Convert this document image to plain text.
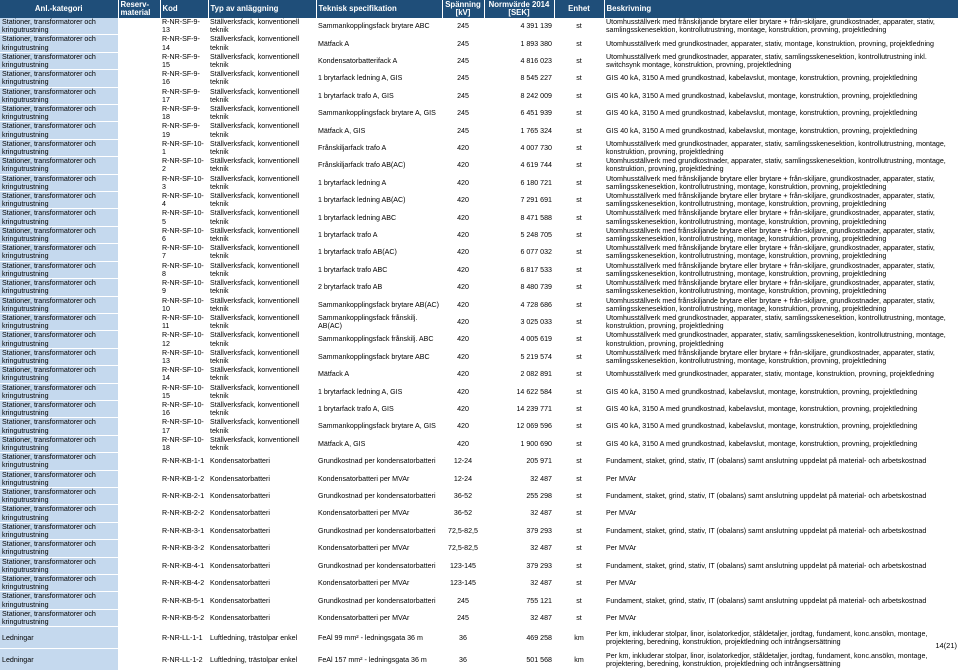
Anl.-kategori	Reserv-material	Kod	Typ av anläggning	Teknisk specifikation	Spänning [kV]	Normvärde 2014 [SEK]	Enhet	Beskrivning
Stationer, transformatorer och kringutrustning		R-NR-SF-9-13	Ställverksfack, konventionell teknik	Sammankopplingsfack brytare ABC	245	4 391 139	st	Utomhusställverk med frånskiljande brytare eller brytare + från-skiljare, grundkostnader, apparater, stativ, samlingsskenesektion, kontrollutrustning, montage, konstruktion, provning, projektledning
Stationer, transformatorer och kringutrustning		R-NR-SF-9-14	Ställverksfack, konventionell teknik	Mätfack A	245	1 893 380	st	Utomhusställverk med grundkostnader, apparater, stativ, montage, konstruktion, provning, projektledning
Stationer, transformatorer och kringutrustning		R-NR-SF-9-15	Ställverksfack, konventionell teknik	Kondensatorbatterifack A	245	4 816 023	st	Utomhusställverk med grundkostnader, apparater, stativ, samlingsskenesektion, kontrollutrustning inkl. switchsynk montage, konstruktion, provning, projektledning
Stationer, transformatorer och kringutrustning		R-NR-SF-9-16	Ställverksfack, konventionell teknik	1 brytarfack ledning A, GIS	245	8 545 227	st	GIS 40 kA, 3150 A med grundkostnad, kabelavslut, montage, konstruktion, provning, projektledning
Stationer, transformatorer och kringutrustning		R-NR-SF-9-17	Ställverksfack, konventionell teknik	1 brytarfack trafo A, GIS	245	8 242 009	st	GIS 40 kA, 3150 A med grundkostnad, kabelavslut, montage, konstruktion, provning, projektledning
Stationer, transformatorer och kringutrustning		R-NR-SF-9-18	Ställverksfack, konventionell teknik	Sammankopplingsfack brytare A, GIS	245	6 451 939	st	GIS 40 kA, 3150 A med grundkostnad, kabelavslut, montage, konstruktion, provning, projektledning
Stationer, transformatorer och kringutrustning		R-NR-SF-9-19	Ställverksfack, konventionell teknik	Mätfack A, GIS	245	1 765 324	st	GIS 40 kA, 3150 A med grundkostnad, kabelavslut, montage, konstruktion, provning, projektledning
Stationer, transformatorer och kringutrustning		R-NR-SF-10-1	Ställverksfack, konventionell teknik	Frånskiljarfack trafo A	420	4 007 730	st	Utomhusställverk med grundkostnader, apparater, stativ, samlingsskenesektion, kontrollutrustning, montage, konstruktion, provning, projektledning
Stationer, transformatorer och kringutrustning		R-NR-SF-10-2	Ställverksfack, konventionell teknik	Frånskiljarfack trafo AB(AC)	420	4 619 744	st	Utomhusställverk med grundkostnader, apparater, stativ, samlingsskenesektion, kontrollutrustning, montage, konstruktion, provning, projektledning
Stationer, transformatorer och kringutrustning		R-NR-SF-10-3	Ställverksfack, konventionell teknik	1 brytarfack ledning A	420	6 180 721	st	Utomhusställverk med frånskiljande brytare eller brytare + från-skiljare, grundkostnader, apparater, stativ, samlingsskenesektion, kontrollutrustning, montage, konstruktion, provning, projektledning
Stationer, transformatorer och kringutrustning		R-NR-SF-10-4	Ställverksfack, konventionell teknik	1 brytarfack ledning AB(AC)	420	7 291 691	st	Utomhusställverk med frånskiljande brytare eller brytare + från-skiljare, grundkostnader, apparater, stativ, samlingsskenesektion, kontrollutrustning, montage, konstruktion, provning, projektledning
Stationer, transformatorer och kringutrustning		R-NR-SF-10-5	Ställverksfack, konventionell teknik	1 brytarfack ledning ABC	420	8 471 588	st	Utomhusställverk med frånskiljande brytare eller brytare + från-skiljare, grundkostnader, apparater, stativ, samlingsskenesektion, kontrollutrustning, montage, konstruktion, provning, projektledning
Stationer, transformatorer och kringutrustning		R-NR-SF-10-6	Ställverksfack, konventionell teknik	1 brytarfack trafo A	420	5 248 705	st	Utomhusställverk med frånskiljande brytare eller brytare + från-skiljare, grundkostnader, apparater, stativ, samlingsskenesektion, kontrollutrustning, montage, konstruktion, provning, projektledning
Stationer, transformatorer och kringutrustning		R-NR-SF-10-7	Ställverksfack, konventionell teknik	1 brytarfack trafo AB(AC)	420	6 077 032	st	Utomhusställverk med frånskiljande brytare eller brytare + från-skiljare, grundkostnader, apparater, stativ, samlingsskenesektion, kontrollutrustning, montage, konstruktion, provning, projektledning
Stationer, transformatorer och kringutrustning		R-NR-SF-10-8	Ställverksfack, konventionell teknik	1 brytarfack trafo ABC	420	6 817 533	st	Utomhusställverk med frånskiljande brytare eller brytare + från-skiljare, grundkostnader, apparater, stativ, samlingsskenesektion, kontrollutrustning, montage, konstruktion, provning, projektledning
Stationer, transformatorer och kringutrustning		R-NR-SF-10-9	Ställverksfack, konventionell teknik	2 brytarfack trafo AB	420	8 480 739	st	Utomhusställverk med frånskiljande brytare eller brytare + från-skiljare, grundkostnader, apparater, stativ, samlingsskenesektion, kontrollutrustning, montage, konstruktion, provning, projektledning
Stationer, transformatorer och kringutrustning		R-NR-SF-10-10	Ställverksfack, konventionell teknik	Sammankopplingsfack brytare AB(AC)	420	4 728 686	st	Utomhusställverk med frånskiljande brytare eller brytare + från-skiljare, grundkostnader, apparater, stativ, samlingsskenesektion, kontrollutrustning, montage, konstruktion, provning, projektledning
Stationer, transformatorer och kringutrustning		R-NR-SF-10-11	Ställverksfack, konventionell teknik	Sammankopplingsfack frånskilj. AB(AC)	420	3 025 033	st	Utomhusställverk med grundkostnader, apparater, stativ, samlingsskenesektion, kontrollutrustning, montage, konstruktion, provning, projektledning
Stationer, transformatorer och kringutrustning		R-NR-SF-10-12	Ställverksfack, konventionell teknik	Sammankopplingsfack frånskilj. ABC	420	4 005 619	st	Utomhusställverk med grundkostnader, apparater, stativ, samlingsskenesektion, kontrollutrustning, montage, konstruktion, provning, projektledning
Stationer, transformatorer och kringutrustning		R-NR-SF-10-13	Ställverksfack, konventionell teknik	Sammankopplingsfack brytare ABC	420	5 219 574	st	Utomhusställverk med frånskiljande brytare eller brytare + från-skiljare, grundkostnader, apparater, stativ, samlingsskenesektion, kontrollutrustning, montage, konstruktion, provning, projektledning
Stationer, transformatorer och kringutrustning		R-NR-SF-10-14	Ställverksfack, konventionell teknik	Mätfack A	420	2 082 891	st	Utomhusställverk med grundkostnader, apparater, stativ, montage, konstruktion, provning, projektledning
Stationer, transformatorer och kringutrustning		R-NR-SF-10-15	Ställverksfack, konventionell teknik	1 brytarfack ledning A, GIS	420	14 622 584	st	GIS 40 kA, 3150 A med grundkostnad, kabelavslut, montage, konstruktion, provning, projektledning
Stationer, transformatorer och kringutrustning		R-NR-SF-10-16	Ställverksfack, konventionell teknik	1 brytarfack trafo A, GIS	420	14 239 771	st	GIS 40 kA, 3150 A med grundkostnad, kabelavslut, montage, konstruktion, provning, projektledning
Stationer, transformatorer och kringutrustning		R-NR-SF-10-17	Ställverksfack, konventionell teknik	Sammankopplingsfack brytare A, GIS	420	12 069 596	st	GIS 40 kA, 3150 A med grundkostnad, kabelavslut, montage, konstruktion, provning, projektledning
Stationer, transformatorer och kringutrustning		R-NR-SF-10-18	Ställverksfack, konventionell teknik	Mätfack A, GIS	420	1 900 690	st	GIS 40 kA, 3150 A med grundkostnad, kabelavslut, montage, konstruktion, provning, projektledning
Stationer, transformatorer och kringutrustning		R-NR-KB-1-1	Kondensatorbatteri	Grundkostnad per kondensatorbatteri	12-24	205 971	st	Fundament, staket, grind, stativ, IT (obalans) samt anslutning uppdelat på material- och arbetskostnad
Stationer, transformatorer och kringutrustning		R-NR-KB-1-2	Kondensatorbatteri	Kondensatorbatteri per MVAr	12-24	32 487	st	Per MVAr
Stationer, transformatorer och kringutrustning		R-NR-KB-2-1	Kondensatorbatteri	Grundkostnad per kondensatorbatteri	36-52	255 298	st	Fundament, staket, grind, stativ, IT (obalans) samt anslutning uppdelat på material- och arbetskostnad
Stationer, transformatorer och kringutrustning		R-NR-KB-2-2	Kondensatorbatteri	Kondensatorbatteri per MVAr	36-52	32 487	st	Per MVAr
Stationer, transformatorer och kringutrustning		R-NR-KB-3-1	Kondensatorbatteri	Grundkostnad per kondensatorbatteri	72,5-82,5	379 293	st	Fundament, staket, grind, stativ, IT (obalans) samt anslutning uppdelat på material- och arbetskostnad
Stationer, transformatorer och kringutrustning		R-NR-KB-3-2	Kondensatorbatteri	Kondensatorbatteri per MVAr	72,5-82,5	32 487	st	Per MVAr
Stationer, transformatorer och kringutrustning		R-NR-KB-4-1	Kondensatorbatteri	Grundkostnad per kondensatorbatteri	123-145	379 293	st	Fundament, staket, grind, stativ, IT (obalans) samt anslutning uppdelat på material- och arbetskostnad
Stationer, transformatorer och kringutrustning		R-NR-KB-4-2	Kondensatorbatteri	Kondensatorbatteri per MVAr	123-145	32 487	st	Per MVAr
Stationer, transformatorer och kringutrustning		R-NR-KB-5-1	Kondensatorbatteri	Grundkostnad per kondensatorbatteri	245	755 121	st	Fundament, staket, grind, stativ, IT (obalans) samt anslutning uppdelat på material- och arbetskostnad
Stationer, transformatorer och kringutrustning		R-NR-KB-5-2	Kondensatorbatteri	Kondensatorbatteri per MVAr	245	32 487	st	Per MVAr
Ledningar		R-NR-LL-1-1	Luftledning, trästolpar enkel	FeAl 99 mm² - ledningsgata 36 m	36	469 258	km	Per km, inkluderar stolpar, linor, isolatorkedjor, ståldetaljer, jordtag, fundament, konc.ansökn, montage, projektering, beredning, konstruktion, projektledning och intrångsersättning
Ledningar		R-NR-LL-1-2	Luftledning, trästolpar enkel	FeAl 157 mm² - ledningsgata 36 m	36	501 568	km	Per km, inkluderar stolpar, linor, isolatorkedjor, ståldetaljer, jordtag, fundament, konc.ansökn, montage, projektering, beredning, konstruktion, projektledning och intrångsersättning
14(21)
